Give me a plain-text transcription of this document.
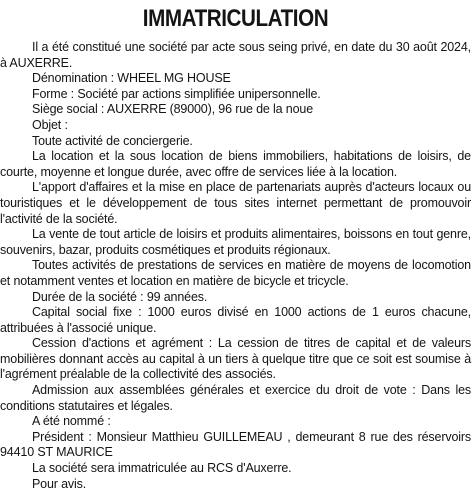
IMMATRICULATION

Il a été constitué une société par acte sous seing privé, en date du 30 août 2024, à AUXERRE.

Dénomination : WHEEL MG HOUSE

Forme : Société par actions simplifiée unipersonnelle.

Siège social : AUXERRE (89000), 96 rue de la noue

Objet :

Toute activité de conciergerie.

La location et la sous location de biens immobiliers, habitations de loisirs, de courte, moyenne et longue durée, avec offre de services liée à la location.

L'apport d'affaires et la mise en place de partenariats auprès d'acteurs locaux ou touristiques et le développement de tous sites internet permettant de promouvoir l'activité de la société.

La vente de tout article de loisirs et produits alimentaires, boissons en tout genre, souvenirs, bazar, produits cosmétiques et produits régionaux.

Toutes activités de prestations de services en matière de moyens de locomotion et notamment ventes et location en matière de bicycle et tricycle.

Durée de la société : 99 années.

Capital social fixe : 1000 euros divisé en 1000 actions de 1 euros chacune, attribuées à l'associé unique.

Cession d'actions et agrément : La cession de titres de capital et de valeurs mobilières donnant accès au capital à un tiers à quelque titre que ce soit est soumise à l'agrément préalable de la collectivité des associés.

Admission aux assemblées générales et exercice du droit de vote : Dans les conditions statutaires et légales.

A été nommé :

Président : Monsieur Matthieu GUILLEMEAU , demeurant 8 rue des réservoirs 94410 ST MAURICE

La société sera immatriculée au RCS d'Auxerre.

Pour avis.
